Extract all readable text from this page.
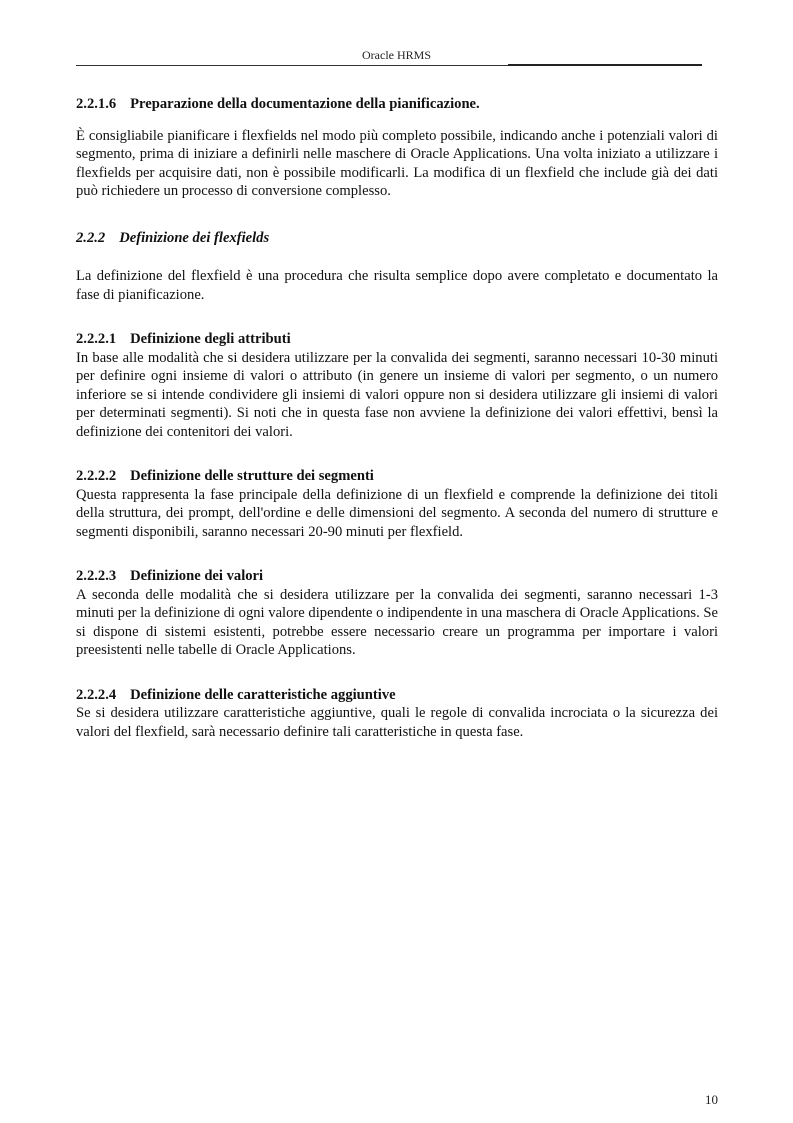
Oracle HRMS
2.2.1.6 Preparazione della documentazione della pianificazione.

È consigliabile pianificare i flexfields nel modo più completo possibile, indicando anche i potenziali valori di segmento, prima di iniziare a definirli nelle maschere di Oracle Applications. Una volta iniziato a utilizzare i flexfields per acquisire dati, non è possibile modificarli. La modifica di un flexfield che include già dei dati può richiedere un processo di conversione complesso.

2.2.2 Definizione dei flexfields

La definizione del flexfield è una procedura che risulta semplice dopo avere completato e documentato la fase di pianificazione.

2.2.2.1 Definizione degli attributi

In base alle modalità che si desidera utilizzare per la convalida dei segmenti, saranno necessari 10-30 minuti per definire ogni insieme di valori o attributo (in genere un insieme di valori per segmento, o un numero inferiore se si intende condividere gli insiemi di valori oppure non si desidera utilizzare gli insiemi di valori per determinati segmenti). Si noti che in questa fase non avviene la definizione dei valori effettivi, bensì la definizione dei contenitori dei valori.

2.2.2.2 Definizione delle strutture dei segmenti

Questa rappresenta la fase principale della definizione di un flexfield e comprende la definizione dei titoli della struttura, dei prompt, dell'ordine e delle dimensioni del segmento. A seconda del numero di strutture e segmenti disponibili, saranno necessari 20-90 minuti per flexfield.

2.2.2.3 Definizione dei valori

A seconda delle modalità che si desidera utilizzare per la convalida dei segmenti, saranno necessari 1-3 minuti per la definizione di ogni valore dipendente o indipendente in una maschera di Oracle Applications. Se si dispone di sistemi esistenti, potrebbe essere necessario creare un programma per importare i valori preesistenti nelle tabelle di Oracle Applications.

2.2.2.4 Definizione delle caratteristiche aggiuntive

Se si desidera utilizzare caratteristiche aggiuntive, quali le regole di convalida incrociata o la sicurezza dei valori del flexfield, sarà necessario definire tali caratteristiche in questa fase.

10
